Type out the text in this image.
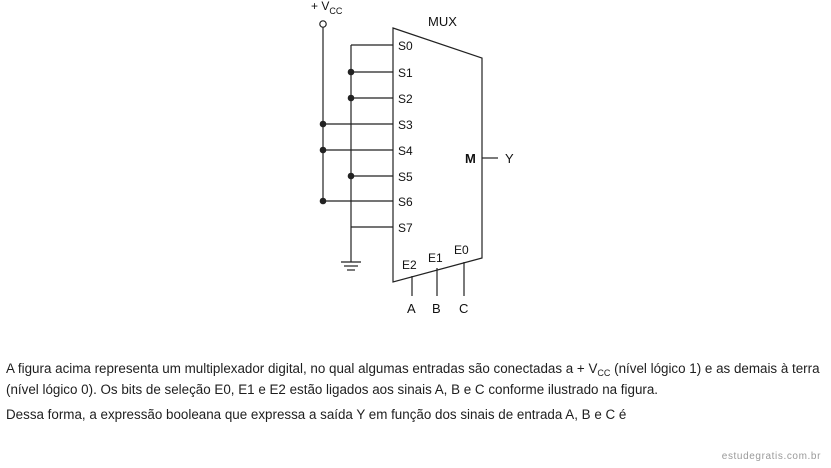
+ $V_{CC}$
MUX
S0
S1
S2
S3
S4
S5
S6
S7
M Y
E2 E1
E0
A B C

A figura acima representa um multiplexador digital, no qual algumas entradas são conectadas $a + V_{CC}$ (nível lógico 1) e as demais à terra (nível lógico 0). Os bits de seleção E0, E1 e E2 estão ligados aos sinais A, B e C conforme ilustrado na figura.

Dessa forma, a expressão booleana que expressa a saída Y em função dos sinais de entrada A, B e C é

estudegratis.com.br
